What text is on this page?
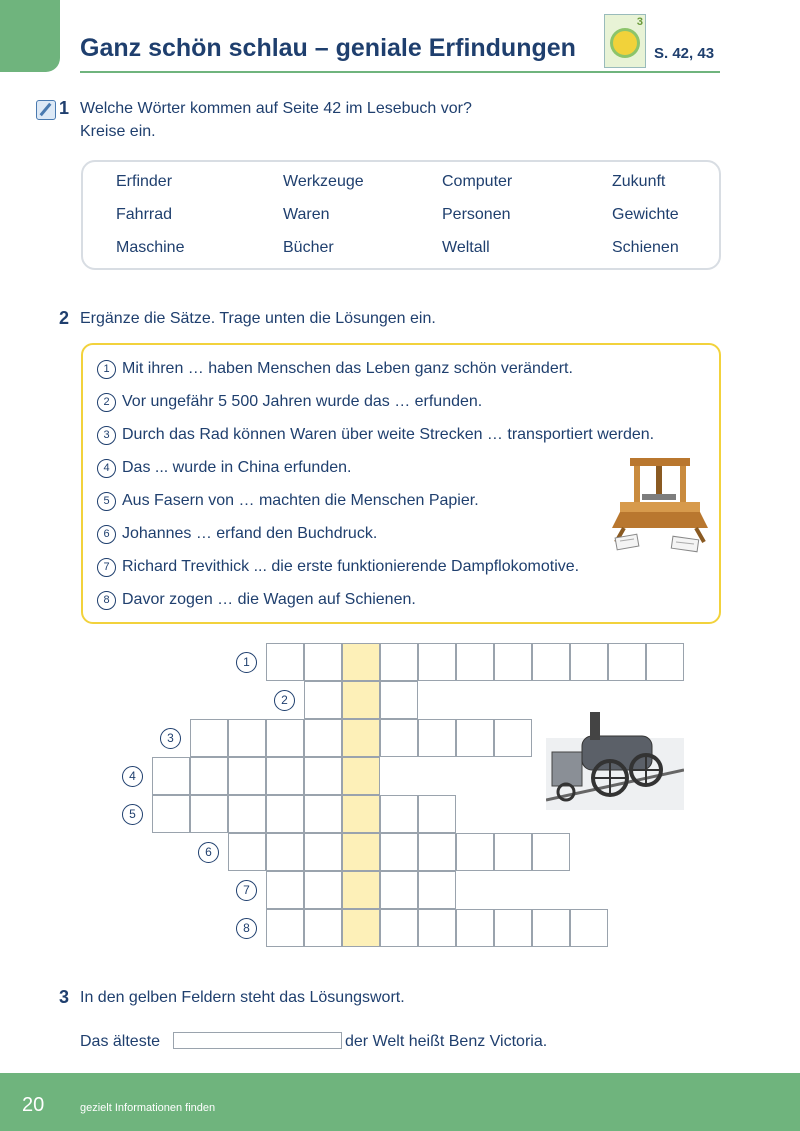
Ganz schön schlau – geniale Erfindungen
3
S. 42, 43
1 Welche Wörter kommen auf Seite 42 im Lesebuch vor?
Kreise ein.
Erfinder	Werkzeuge	Computer	Zukunft
Fahrrad	Waren	Personen	Gewichte
Maschine	Bücher	Weltall	Schienen
2 Ergänze die Sätze. Trage unten die Lösungen ein.
1 Mit ihren … haben Menschen das Leben ganz schön verändert.
2 Vor ungefähr 5 500 Jahren wurde das … erfunden.
3 Durch das Rad können Waren über weite Strecken … transportiert werden.
4 Das ... wurde in China erfunden.
5 Aus Fasern von … machten die Menschen Papier.
6 Johannes … erfand den Buchdruck.
7 Richard Trevithick ... die erste funktionierende Dampflokomotive.
8 Davor zogen … die Wagen auf Schienen.
1
2
3
4
5
6
7
8
3 In den gelben Feldern steht das Lösungswort.
Das älteste	der Welt heißt Benz Victoria.
20	gezielt Informationen finden
